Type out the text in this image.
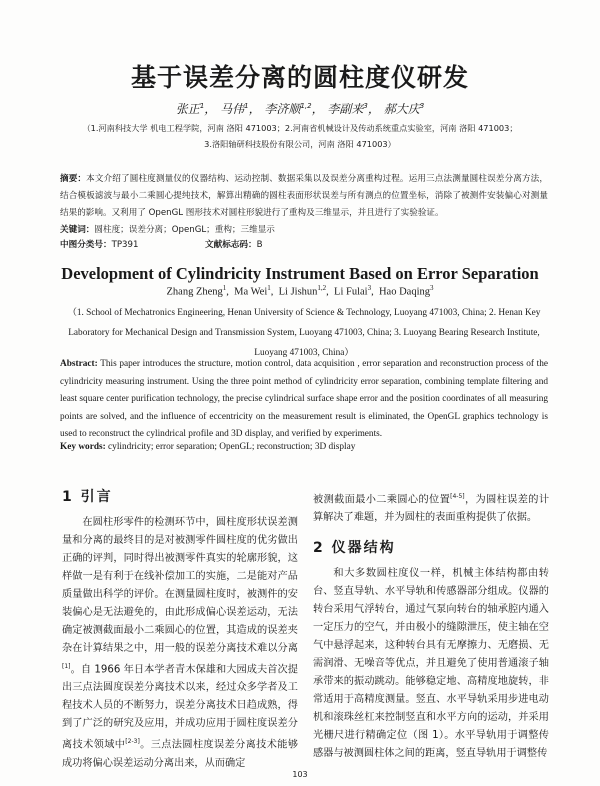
基于误差分离的圆柱度仪研发
张正$^1$， 马伟$^1$， 李济顺$^{1,2}$， 李副来$^3$， 郝大庆$^3$
（1.河南科技大学 机电工程学院，河南 洛阳 471003；2.河南省机械设计及传动系统重点实验室，河南 洛阳 471003；
3.洛阳轴研科技股份有限公司，河南 洛阳 471003）
摘要：本文介绍了圆柱度测量仪的仪器结构、运动控制、数据采集以及误差分离重构过程。运用三点法测量圆柱误差分离方法，结合模板滤波与最小二乘圆心提纯技术，解算出精确的圆柱表面形状误差与所有测点的位置坐标，消除了被测件安装偏心对测量结果的影响。又利用了 OpenGL 图形技术对圆柱形貌进行了重构及三维显示，并且进行了实验验证。
关键词：圆柱度；误差分离；OpenGL；重构；三维显示
中图分类号：TP391	文献标志码：B
Development of Cylindricity Instrument Based on Error Separation
Zhang Zheng$^1$,  Ma Wei$^1$,  Li Jishun$^{1,2}$,  Li Fulai$^3$,  Hao Daqing$^3$
（1. School of Mechatronics Engineering, Henan University of Science & Technology, Luoyang 471003, China; 2. Henan Key Laboratory for Mechanical Design and Transmission System, Luoyang 471003, China; 3. Luoyang Bearing Research Institute, Luoyang 471003, China）
Abstract: This paper introduces the structure, motion control, data acquisition , error separation and reconstruction process of the cylindricity measuring instrument. Using the three point method of cylindricity error separation, combining template filtering and least square center purification technology, the precise cylindrical surface shape error and the position coordinates of all measuring points are solved, and the influence of eccentricity on the measurement result is eliminated, the OpenGL graphics technology is used to reconstruct the cylindrical profile and 3D display, and verified by experiments.
Key words: cylindricity; error separation; OpenGL; reconstruction; 3D display
1 引言

在圆柱形零件的检测环节中，圆柱度形状误差测量和分离的最终目的是对被测零件圆柱度的优劣做出正确的评判，同时得出被测零件真实的轮廓形貌，这样做一是有利于在线补偿加工的实施，二是能对产品质量做出科学的评价。在测量圆柱度时，被测件的安装偏心是无法避免的，由此形成偏心误差运动，无法确定被测截面最小二乘圆心的位置，其造成的误差夹杂在计算结果之中，用一般的误差分离技术难以分离[1]。自 1966 年日本学者青木保雄和大园成夫首次提出三点法圆度误差分离技术以来，经过众多学者及工程技术人员的不断努力，误差分离技术日趋成熟，得到了广泛的研究及应用，并成功应用于圆柱度误差分离技术领域中[2-3]。三点法圆柱度误差分离技术能够成功将偏心误差运动分离出来，从而确定

被测截面最小二乘圆心的位置[4-5]，为圆柱误差的计算解决了难题，并为圆柱的表面重构提供了依据。

2 仪器结构

和大多数圆柱度仪一样，机械主体结构都由转台、竖直导轨、水平导轨和传感器部分组成。仪器的转台采用气浮转台，通过气泵向转台的轴承腔内通入一定压力的空气，并由极小的缝隙泄压，使主轴在空气中悬浮起来，这种转台具有无摩擦力、无磨损、无需润滑、无噪音等优点，并且避免了使用普通滚子轴承带来的振动跳动。能够稳定地、高精度地旋转，非常适用于高精度测量。竖直、水平导轨采用步进电动机和滚珠丝杠来控制竖直和水平方向的运动，并采用光栅尺进行精确定位（图 1）。水平导轨用于调整传感器与被测圆柱体之间的距离，竖直导轨用于调整传

103
